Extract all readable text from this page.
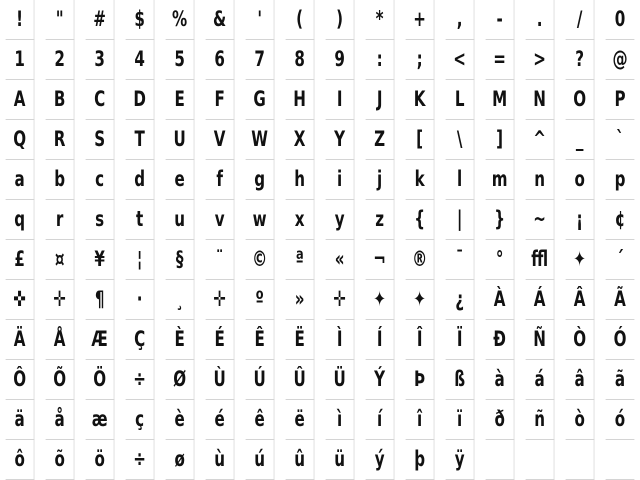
!	"	#	$	%	&	'	(	)	*	+	,	-	.	/	0
1	2	3	4	5	6	7	8	9	:	;	<	=	>	?	@
A	B	C	D	E	F	G	H	I	J	K	L	M	N	O	P
Q	R	S	T	U	V	W	X	Y	Z	[	\	]	^	_	`
a	b	c	d	e	f	g	h	i	j	k	l	m	n	o	p
q	r	s	t	u	v	w	x	y	z	{	|	}	~	¡	¢
£	¤	¥	¦	§	¨	©	ª	«	¬	®	¯	°	ﬄ	✦	´
✜	✛	¶	·	¸	✛	º	»	✛	✦	✦	¿	À	Á	Â	Ã
Ä	Å	Æ	Ç	È	É	Ê	Ë	Ì	Í	Î	Ï	Ð	Ñ	Ò	Ó
Ô	Õ	Ö	÷	Ø	Ù	Ú	Û	Ü	Ý	Þ	ß	à	á	â	ã
ä	å	æ	ç	è	é	ê	ë	ì	í	î	ï	ð	ñ	ò	ó
ô	õ	ö	÷	ø	ù	ú	û	ü	ý	þ	ÿ
